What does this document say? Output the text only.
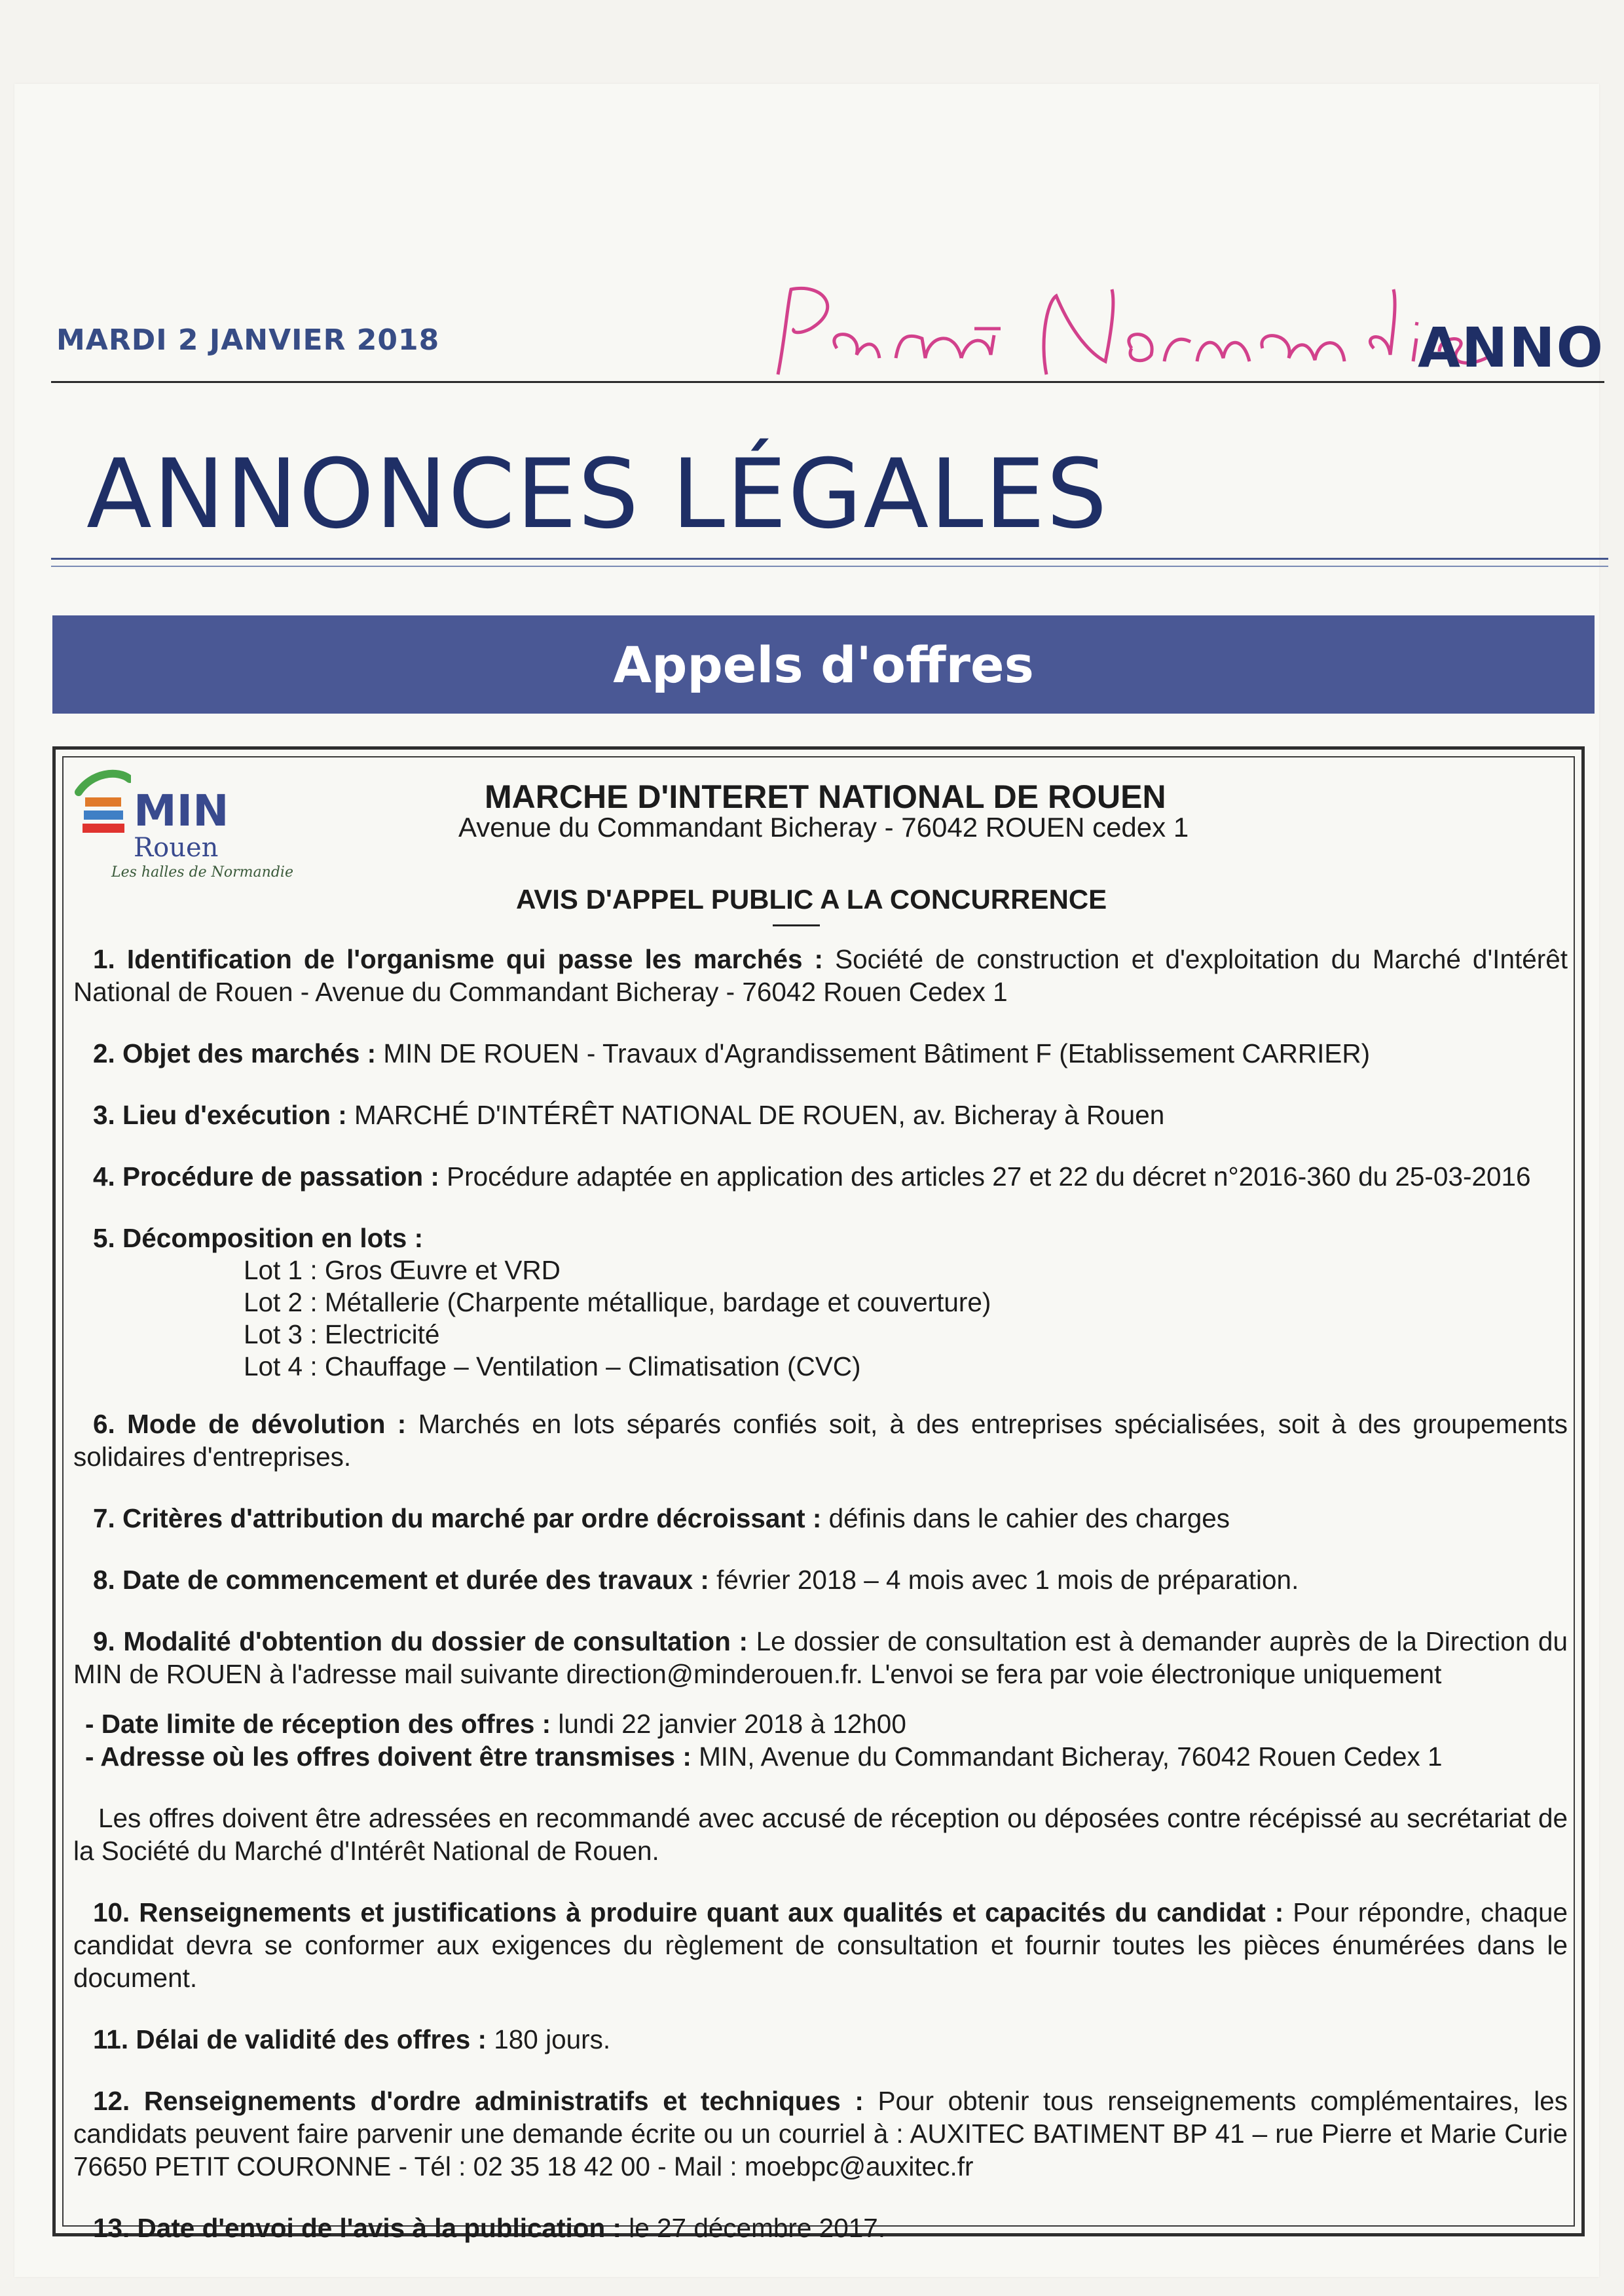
MARDI 2 JANVIER 2018	ANNO
ANNONCES LÉGALES
Appels d'offres
MIN
Rouen
Les halles de Normandie
MARCHE D'INTERET NATIONAL DE ROUEN
Avenue du Commandant Bicheray - 76042 ROUEN cedex 1
AVIS D'APPEL PUBLIC A LA CONCURRENCE
1. Identification de l'organisme qui passe les marchés : Société de construction et d'exploitation du Marché d'Intérêt National de Rouen - Avenue du Commandant Bicheray - 76042 Rouen Cedex 1
2. Objet des marchés : MIN DE ROUEN - Travaux d'Agrandissement Bâtiment F (Etablissement CARRIER)
3. Lieu d'exécution : MARCHÉ D'INTÉRÊT NATIONAL DE ROUEN, av. Bicheray à Rouen
4. Procédure de passation : Procédure adaptée en application des articles 27 et 22 du décret n°2016-360 du 25-03-2016
5. Décomposition en lots :
Lot 1 : Gros Œuvre et VRD
Lot 2 : Métallerie (Charpente métallique, bardage et couverture)
Lot 3 : Electricité
Lot 4 : Chauffage – Ventilation – Climatisation (CVC)
6. Mode de dévolution : Marchés en lots séparés confiés soit, à des entreprises spécialisées, soit à des groupements solidaires d'entreprises.
7. Critères d'attribution du marché par ordre décroissant : définis dans le cahier des charges
8. Date de commencement et durée des travaux : février 2018 – 4 mois avec 1 mois de préparation.
9. Modalité d'obtention du dossier de consultation : Le dossier de consultation est à demander auprès de la Direction du MIN de ROUEN à l'adresse mail suivante direction@minderouen.fr. L'envoi se fera par voie électronique uniquement
- Date limite de réception des offres : lundi 22 janvier 2018 à 12h00
- Adresse où les offres doivent être transmises : MIN, Avenue du Commandant Bicheray, 76042 Rouen Cedex 1
Les offres doivent être adressées en recommandé avec accusé de réception ou déposées contre récépissé au secrétariat de la Société du Marché d'Intérêt National de Rouen.
10. Renseignements et justifications à produire quant aux qualités et capacités du candidat : Pour répondre, chaque candidat devra se conformer aux exigences du règlement de consultation et fournir toutes les pièces énumérées dans le document.
11. Délai de validité des offres : 180 jours.
12. Renseignements d'ordre administratifs et techniques : Pour obtenir tous renseignements complémentaires, les candidats peuvent faire parvenir une demande écrite ou un courriel à : AUXITEC BATIMENT BP 41 – rue Pierre et Marie Curie 76650 PETIT COURONNE - Tél : 02 35 18 42 00 - Mail : moebpc@auxitec.fr
13. Date d'envoi de l'avis à la publication : le 27 décembre 2017.
